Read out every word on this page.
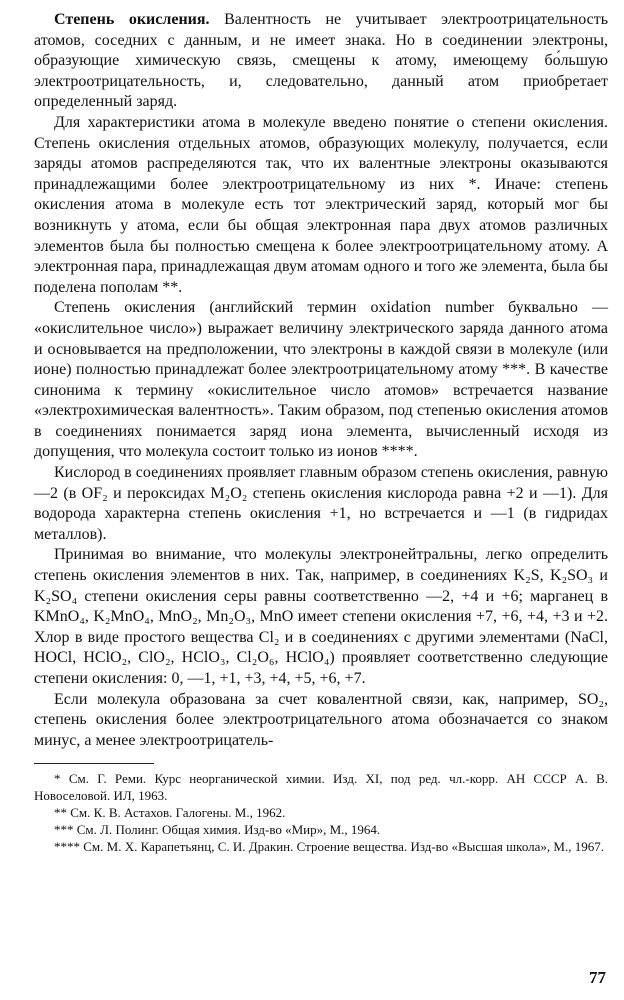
Степень окисления. Валентность не учитывает электроотрицательность атомов, соседних с данным, и не имеет знака. Но в соединении электроны, образующие химическую связь, смещены к атому, имеющему бо́льшую электроотрицательность, и, следовательно, данный атом приобретает определенный заряд.

Для характеристики атома в молекуле введено понятие о степени окисления. Степень окисления отдельных атомов, образующих молекулу, получается, если заряды атомов распределяются так, что их валентные электроны оказываются принадлежащими более электроотрицательному из них *. Иначе: степень окисления атома в молекуле есть тот электрический заряд, который мог бы возникнуть у атома, если бы общая электронная пара двух атомов различных элементов была бы полностью смещена к более электроотрицательному атому. А электронная пара, принадлежащая двум атомам одного и того же элемента, была бы поделена пополам **.

Степень окисления (английский термин oxidation number буквально — «окислительное число») выражает величину электрического заряда данного атома и основывается на предположении, что электроны в каждой связи в молекуле (или ионе) полностью принадлежат более электроотрицательному атому ***. В качестве синонима к термину «окислительное число атомов» встречается название «электрохимическая валентность». Таким образом, под степенью окисления атомов в соединениях понимается заряд иона элемента, вычисленный исходя из допущения, что молекула состоит только из ионов ****.

Кислород в соединениях проявляет главным образом степень окисления, равную —2 (в OF₂ и пероксидах M₂O₂ степень окисления кислорода равна +2 и —1). Для водорода характерна степень окисления +1, но встречается и —1 (в гидридах металлов).

Принимая во внимание, что молекулы электронейтральны, легко определить степень окисления элементов в них. Так, например, в соединениях K₂S, K₂SO₃ и K₂SO₄ степени окисления серы равны соответственно —2, +4 и +6; марганец в KMnO₄, K₂MnO₄, MnO₂, Mn₂O₃, MnO имеет степени окисления +7, +6, +4, +3 и +2. Хлор в виде простого вещества Cl₂ и в соединениях с другими элементами (NaCl, HOCl, HClO₂, ClO₂, HClO₃, Cl₂O₆, HClO₄) проявляет соответственно следующие степени окисления: 0, —1, +1, +3, +4, +5, +6, +7.

Если молекула образована за счет ковалентной связи, как, например, SO₂, степень окисления более электроотрицательного атома обозначается со знаком минус, а менее электроотрицатель-

* См. Г. Реми. Курс неорганической химии. Изд. XI, под ред. чл.-корр. АН СССР А. В. Новоселовой. ИЛ, 1963.

** См. К. В. Астахов. Галогены. М., 1962.

*** См. Л. Полинг. Общая химия. Изд-во «Мир», М., 1964.

**** См. М. Х. Карапетьянц, С. И. Дракин. Строение вещества. Изд-во «Высшая школа», М., 1967.

77
